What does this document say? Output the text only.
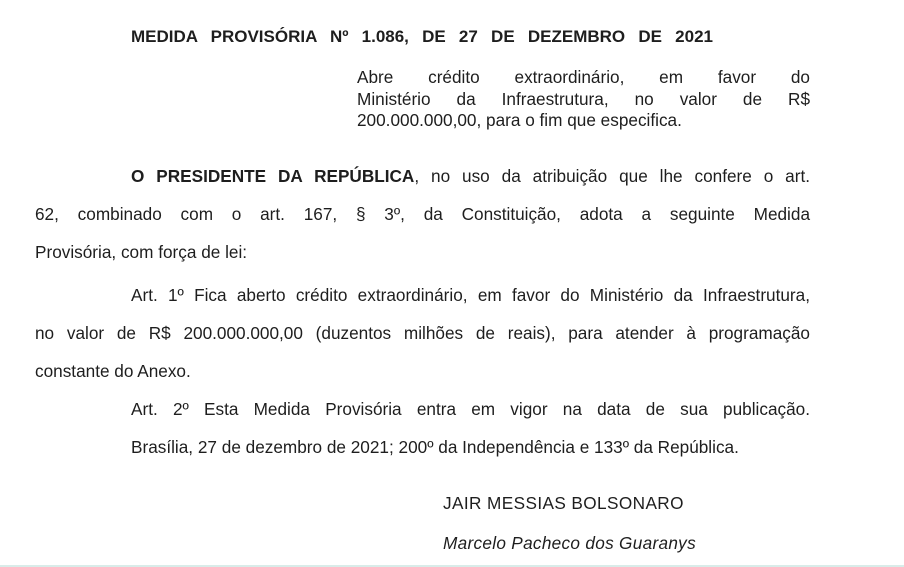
MEDIDA PROVISÓRIA Nº 1.086, DE 27 DE DEZEMBRO DE 2021
Abre crédito extraordinário, em favor do
Ministério da Infraestrutura, no valor de R$
200.000.000,00, para o fim que especifica.
O PRESIDENTE DA REPÚBLICA, no uso da atribuição que lhe confere o art.
62, combinado com o art. 167, § 3º, da Constituição, adota a seguinte Medida
Provisória, com força de lei:
Art. 1º Fica aberto crédito extraordinário, em favor do Ministério da Infraestrutura,
no valor de R$ 200.000.000,00 (duzentos milhões de reais), para atender à programação
constante do Anexo.
Art. 2º Esta Medida Provisória entra em vigor na data de sua publicação.
Brasília, 27 de dezembro de 2021; 200º da Independência e 133º da República.
JAIR MESSIAS BOLSONARO
Marcelo Pacheco dos Guaranys
